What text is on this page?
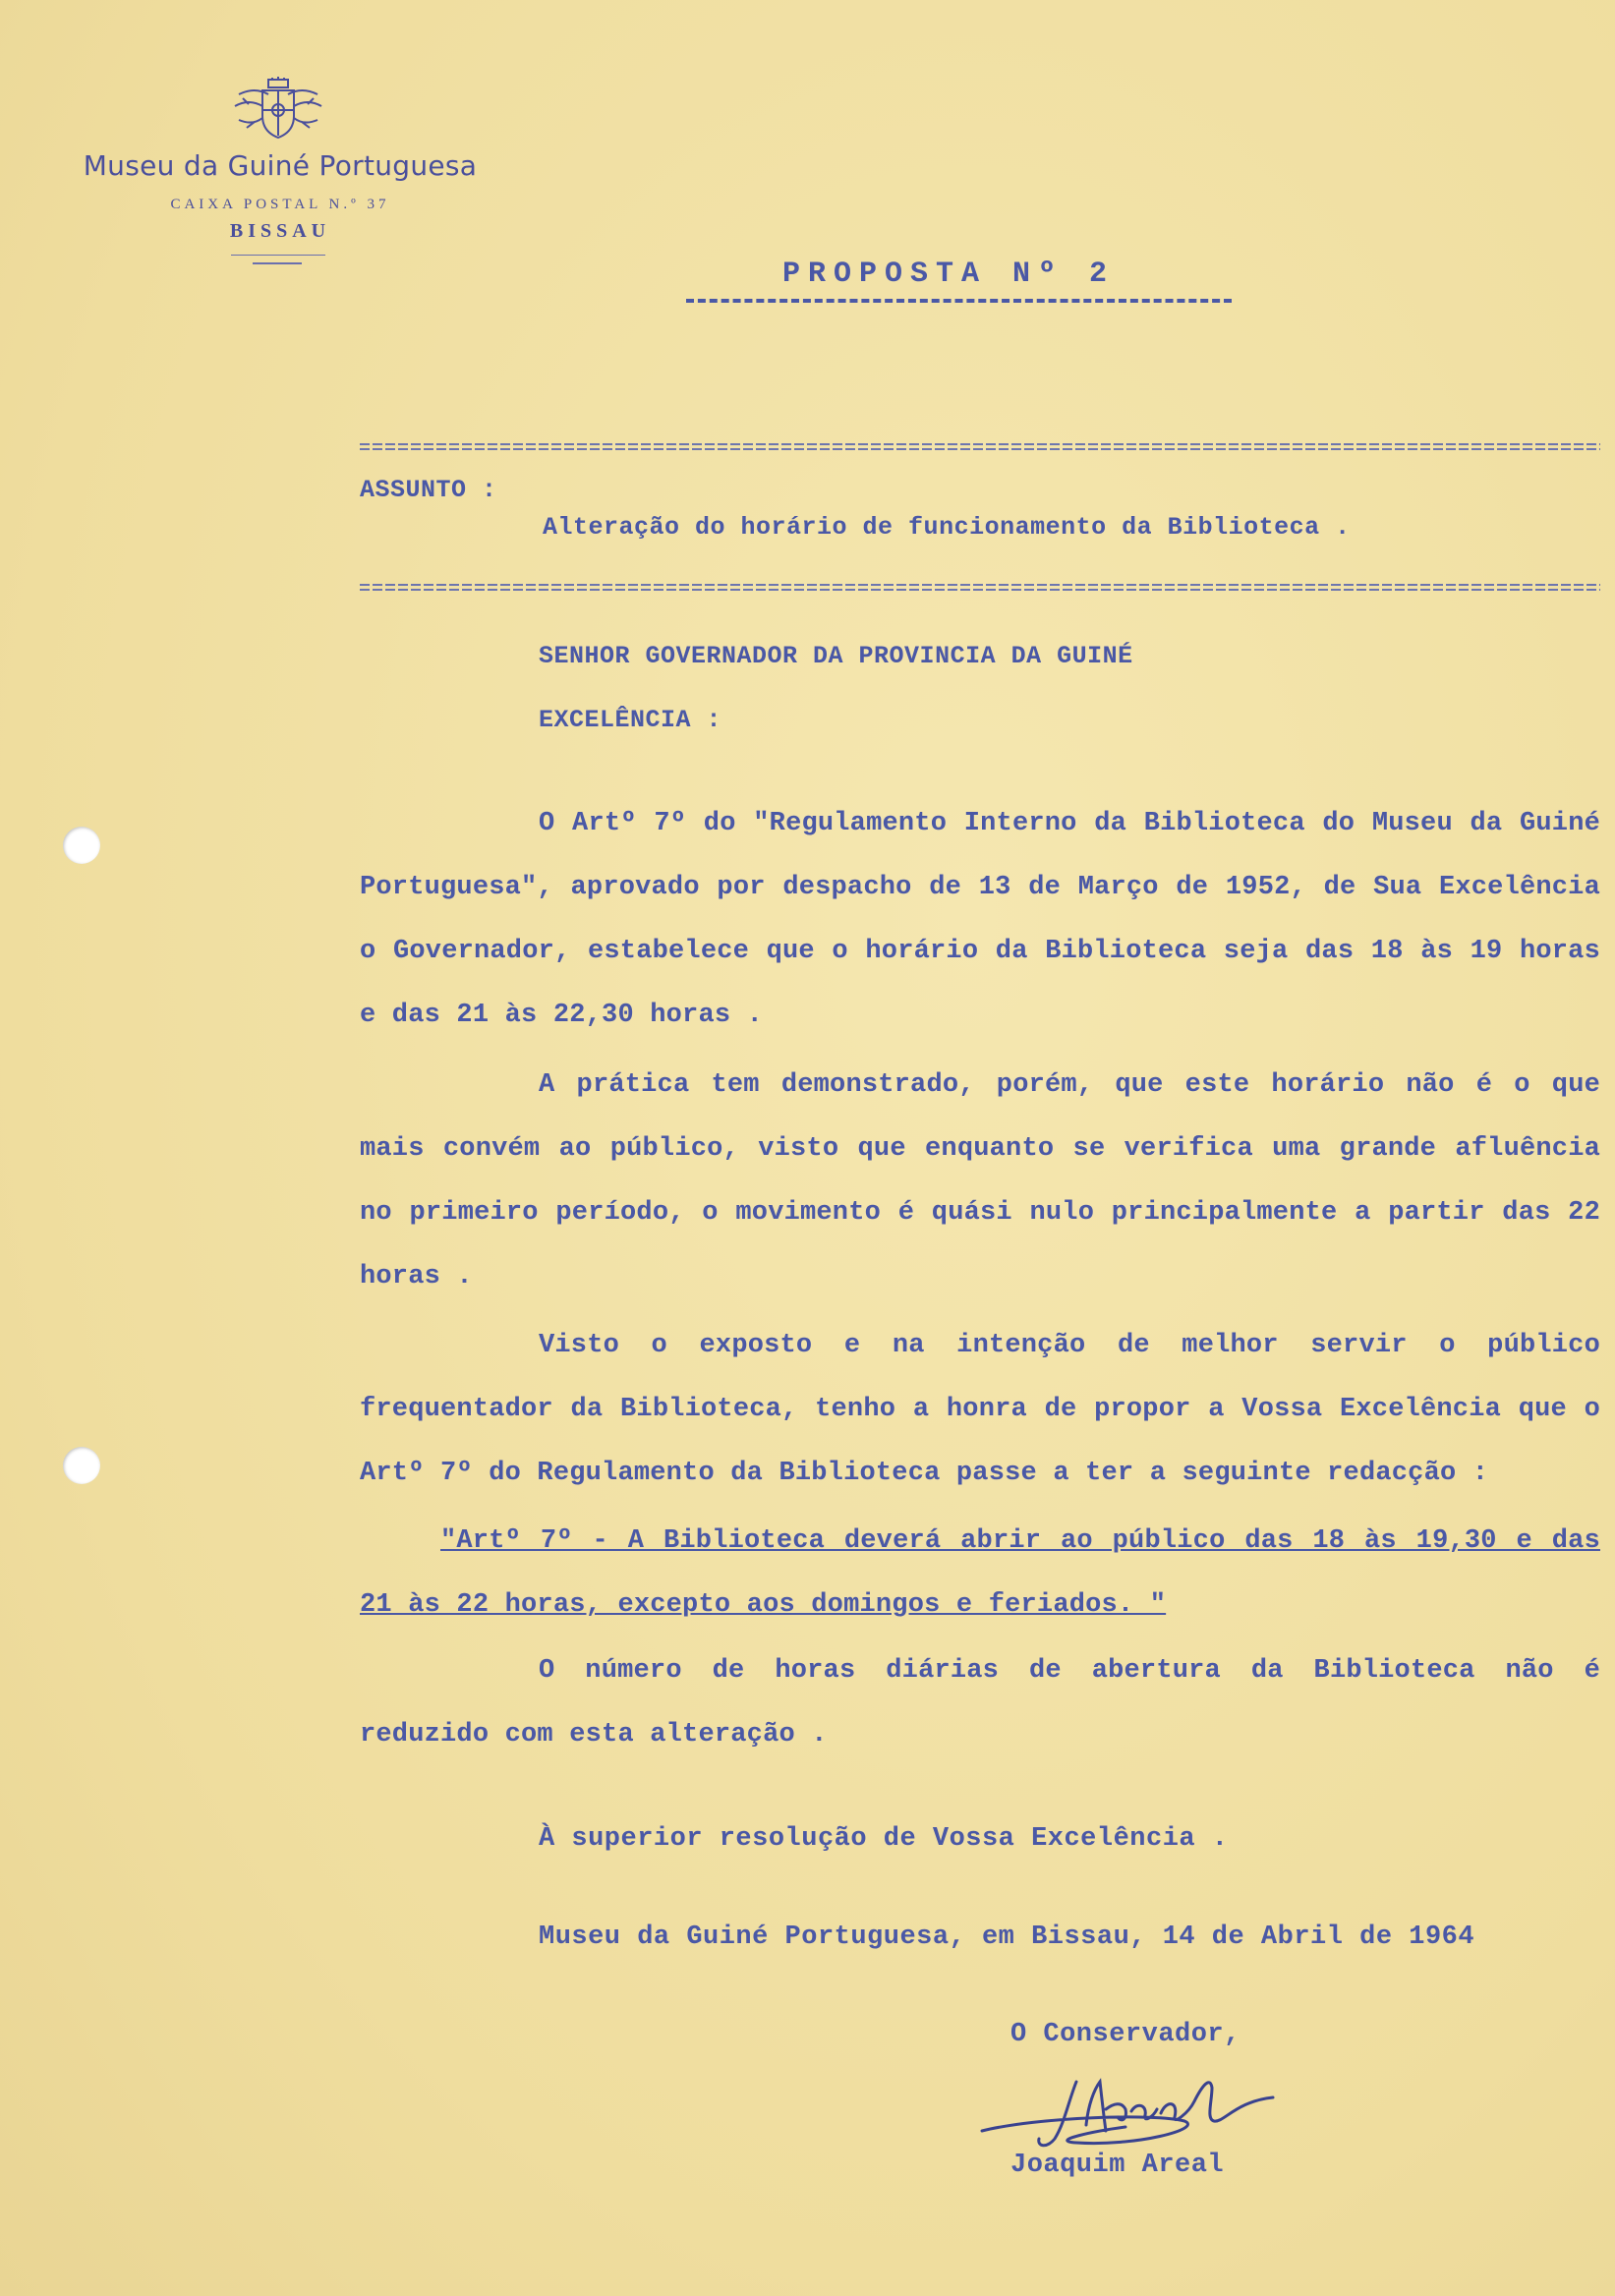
Museu da Guiné Portuguesa
CAIXA POSTAL N.º 37
BISSAU
PROPOSTA Nº 2
ASSUNTO :
Alteração do horário de funcionamento da Biblioteca .
SENHOR GOVERNADOR DA PROVINCIA DA GUINÉ
EXCELÊNCIA :
O Artº 7º do "Regulamento Interno da Biblioteca do Museu da Guiné Portuguesa", aprovado por despacho de 13 de Março de 1952, de Sua Excelência o Governador, estabelece que o horário da Biblioteca seja das 18 às 19 horas e das 21 às 22,30 horas .
A prática tem demonstrado, porém, que este horário não é o que mais convém ao público, visto que enquanto se verifica uma grande afluência no primeiro período, o movimento é quási nulo principalmente a partir das 22 horas .
Visto o exposto e na intenção de melhor servir o público frequentador da Biblioteca, tenho a honra de propor a Vossa Excelência que o Artº 7º do Regulamento da Biblioteca passe a ter a seguinte redacção :
"Artº 7º - A Biblioteca deverá abrir ao público das 18 às 19,30 e das 21 às 22 horas, excepto aos domingos e feriados. "
O número de horas diárias de abertura da Biblioteca não é reduzido com esta alteração .
À superior resolução de Vossa Excelência .
Museu da Guiné Portuguesa, em Bissau, 14 de Abril de 1964
O Conservador,
Joaquim Areal
